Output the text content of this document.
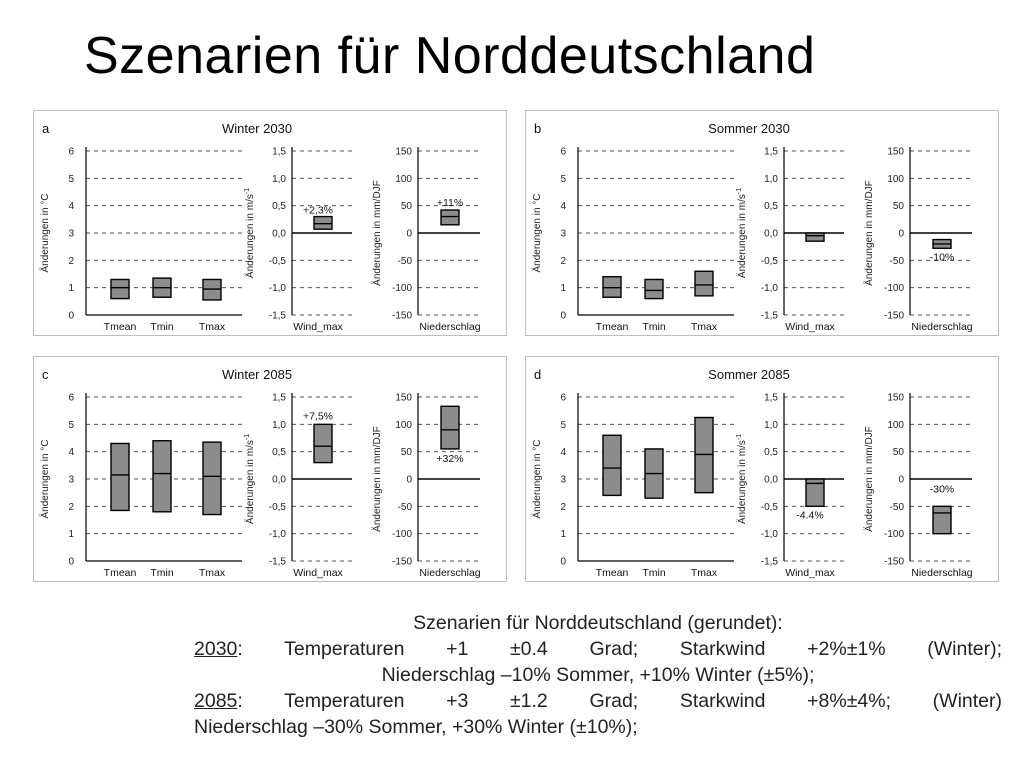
Szenarien für Norddeutschland
a	Winter 2030
Änderungen in °C
0
1
2
3
4
5
6
Tmean Tmin Tmax
Änderungen in $m/s^{-1}$
-1,5
-1,0
-0,5
0,0
0,5
1,0
1,5
+2,3%
Wind_max
Änderungen in mm/DJF
-150
-100
-50
0
50
100
150
+11%
Niederschlag
b	Sommer 2030
Änderungen in °C
0
1
2
3
4
5
6
Tmean Tmin Tmax
Änderungen in $m/s^{-1}$
-1,5
-1,0
-0,5
0,0
0,5
1,0
1,5
Wind_max
Änderungen in mm/DJF
-150
-100
-50
0
50
100
150
-10%
Niederschlag
c	Winter 2085
Änderungen in °C
0
1
2
3
4
5
6
Tmean Tmin Tmax
Änderungen in $m/s^{-1}$
-1,5
-1,0
-0,5
0,0
0,5
1,0
1,5
+7,5%
Wind_max
Änderungen in mm/DJF
-150
-100
-50
0
50
100
150
+32%
Niederschlag
d	Sommer 2085
Änderungen in °C
0
1
2
3
4
5
6
Tmean Tmin Tmax
Änderungen in $m/s^{-1}$
-1,5
-1,0
-0,5
0,0
0,5
1,0
1,5
-4.4%
Wind_max
Änderungen in mm/DJF
-150
-100
-50
0
50
100
150
-30%
Niederschlag
Szenarien für Norddeutschland (gerundet):
2030: Temperaturen +1 ±0.4 Grad; Starkwind +2%±1% (Winter);
Niederschlag –10% Sommer, +10% Winter (±5%);
2085: Temperaturen +3 ±1.2 Grad; Starkwind +8%±4%; (Winter)
Niederschlag –30% Sommer, +30% Winter (±10%);
